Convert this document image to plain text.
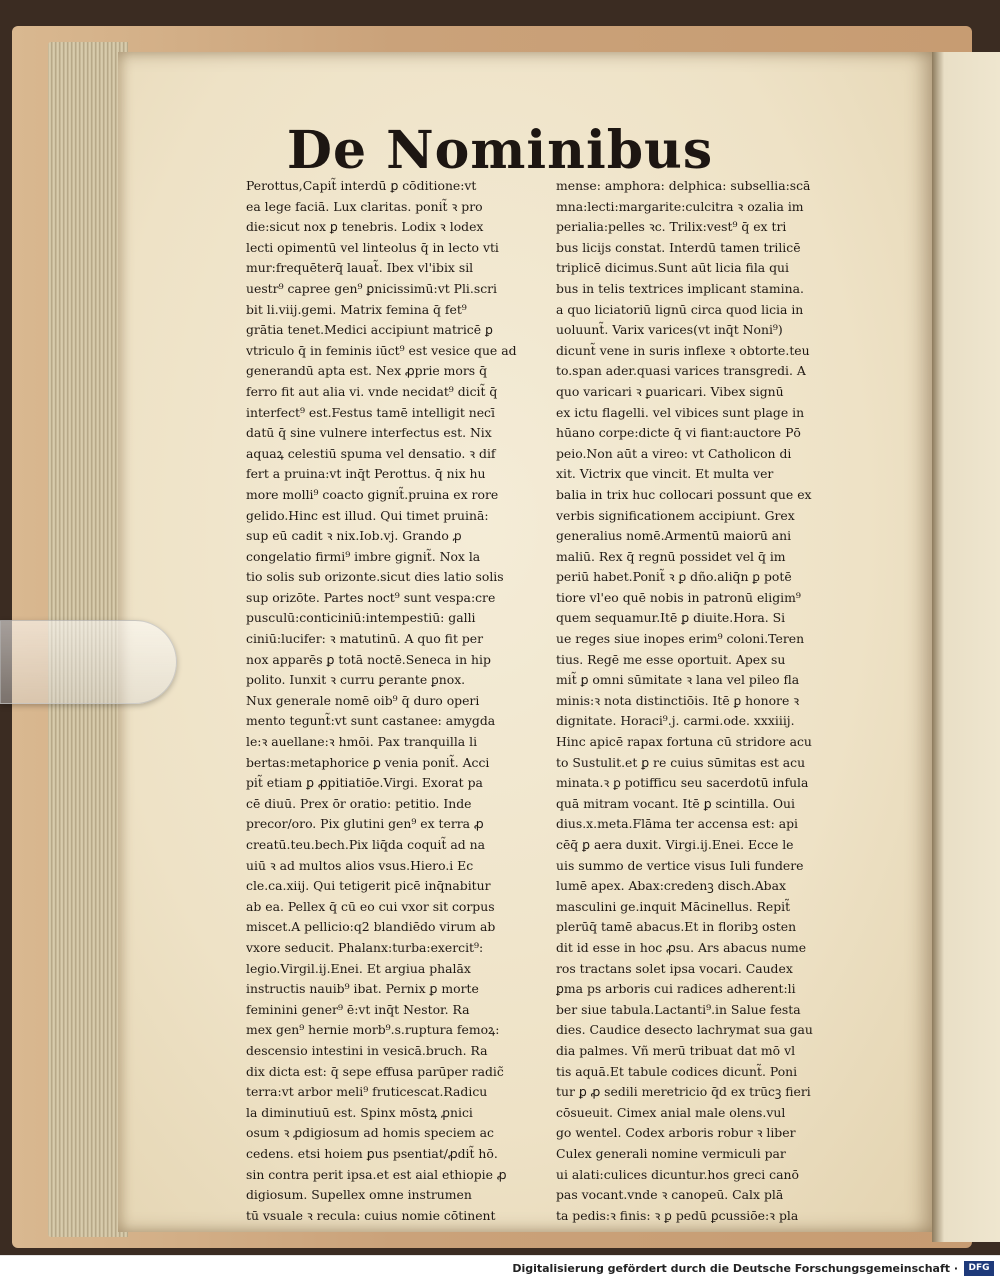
De Nominibus
Perottus,Capit̃ interdū ꝑ cōditione:vt
ea lege faciā. Lux claritas. ponit̃ ꝛ pro
die:sicut nox ꝑ tenebris. Lodix ꝛ lodex
lecti opimentū vel linteolus q̄ in lecto vti
mur:frequēterq̄ lauat̃. Ibex vl'ibix sil
uestr⁹ capree gen⁹ ꝑnicissimū:vt Pli.scri
bit li.viij.gemi. Matrix femina q̄ fet⁹
grātia tenet.Medici accipiunt matricē ꝑ
vtriculo q̄ in feminis iūct⁹ est vesice que ad
generandū apta est. Nex ꝓprie mors q̄
ferro fit aut alia vi. vnde necidat⁹ dicit̃ q̄
interfect⁹ est.Festus tamē intelligit necī
datū q̄ sine vulnere interfectus est. Nix
aquaꝝ celestiū spuma vel densatio. ꝛ dif
fert a pruina:vt inq̄t Perottus. q̄ nix hu
more molli⁹ coacto gignit̃.pruina ex rore
gelido.Hinc est illud. Qui timet pruinā:
sup eū cadit ꝛ nix.Iob.vj. Grando ꝓ
congelatio firmi⁹ imbre gignit̃. Nox la
tio solis sub orizonte.sicut dies latio solis
sup orizōte. Partes noct⁹ sunt vespa:cre
pusculū:conticiniū:intempestiū: galli
ciniū:lucifer: ꝛ matutinū. A quo fit per
nox apparēs ꝑ totā noctē.Seneca in hip
polito. Iunxit ꝛ curru ꝑerante ꝑnox.
Nux generale nomē oib⁹ q̄ duro operi
mento tegunt̃:vt sunt castanee: amygda
le:ꝛ auellane:ꝛ hmōi. Pax tranquilla li
bertas:metaphorice ꝑ venia ponit̃. Acci
pit̃ etiam ꝑ ꝓpitiatiōe.Virgi. Exorat pa
cē diuū. Prex ōr oratio: petitio. Inde
precor/oro. Pix glutini gen⁹ ex terra ꝓ
creatū.teu.bech.Pix liq̄da coquit̃ ad na
uiū ꝛ ad multos alios vsus.Hiero.i Ec
cle.ca.xiij. Qui tetigerit picē inq̄nabitur
ab ea. Pellex q̄ cū eo cui vxor sit corpus
miscet.A pellicio:q2 blandiēdo virum ab
vxore seducit. Phalanx:turba:exercit⁹:
legio.Virgil.ij.Enei. Et argiua phalāx
instructis nauib⁹ ibat. Pernix ꝑ morte
feminini gener⁹ ē:vt inq̄t Nestor. Ra
mex gen⁹ hernie morb⁹.s.ruptura femoꝝ:
descensio intestini in vesicā.bruch. Ra
dix dicta est: q̄ sepe effusa parūper radic̃
terra:vt arbor meli⁹ fruticescat.Radicu
la diminutiuū est. Spinx mōstꝝ ꝓnici
osum ꝛ ꝓdigiosum ad homis speciem ac
cedens. etsi hoiem ꝑus psentiat/ꝓdit̃ hō.
sin contra perit ipsa.et est aial ethiopie ꝓ
digiosum. Supellex omne instrumen
tū vsuale ꝛ recula: cuius nomie cōtinent
mense: amphora: delphica: subsellia:scā
mna:lecti:margarite:culcitra ꝛ ozalia im
perialia:pelles ꝛc. Trilix:vest⁹ q̄ ex tri
bus licijs constat. Interdū tamen trilicē
triplicē dicimus.Sunt aūt licia fila qui
bus in telis textrices implicant stamina.
a quo liciatoriū lignū circa quod licia in
uoluunt̃. Varix varices(vt inq̄t Noni⁹)
dicunt̃ vene in suris inflexe ꝛ obtorte.teu
to.span ader.quasi varices transgredi. A
quo varicari ꝛ ꝑuaricari. Vibex signū
ex ictu flagelli. vel vibices sunt plage in
hūano corpe:dicte q̄ vi fiant:auctore Pō
peio.Non aūt a vireo: vt Catholicon di
xit. Victrix que vincit. Et multa ver
balia in trix huc collocari possunt que ex
verbis significationem accipiunt. Grex
generalius nomē.Armentū maiorū ani
maliū. Rex q̄ regnū possidet vel q̄ im
periū habet.Ponit̃ ꝛ ꝑ dño.aliq̄n ꝑ potē
tiore vl'eo quē nobis in patronū eligim⁹
quem sequamur.Itē ꝑ diuite.Hora. Si
ue reges siue inopes erim⁹ coloni.Teren
tius. Regē me esse oportuit. Apex su
mit̃ ꝑ omni sūmitate ꝛ lana vel pileo fla
minis:ꝛ nota distinctiōis. Itē ꝑ honore ꝛ
dignitate. Horaci⁹.j. carmi.ode. xxxiiij.
Hinc apicē rapax fortuna cū stridore acu
to Sustulit.et ꝑ re cuius sūmitas est acu
minata.ꝛ ꝑ potifficu seu sacerdotū infula
quā mitram vocant. Itē ꝑ scintilla. Oui
dius.x.meta.Flāma ter accensa est: api
cēq̄ ꝑ aera duxit. Virgi.ij.Enei. Ecce le
uis summo de vertice visus Iuli fundere
lumē apex. Abax:credenꝫ disch.Abax
masculini ge.inquit Mācinellus. Repit̃
plerūq̄ tamē abacus.Et in floribꝫ osten
dit id esse in hoc ꝓsu. Ars abacus nume
ros tractans solet ipsa vocari. Caudex
ꝑma ps arboris cui radices adherent:li
ber siue tabula.Lactanti⁹.in Salue festa
dies. Caudice desecto lachrymat sua gau
dia palmes. Vñ merū tribuat dat mō vl
tis aquā.Et tabule codices dicunt̃. Poni
tur ꝑ ꝓ sedili meretricio q̄d ex trūcꝫ fieri
cōsueuit. Cimex anial male olens.vul
go wentel. Codex arboris robur ꝛ liber
Culex generali nomine vermiculi par
ui alati:culices dicuntur.hos greci canō
pas vocant.vnde ꝛ canopeū. Calx plā
ta pedis:ꝛ finis: ꝛ ꝑ pedū ꝑcussiōe:ꝛ pla
Digitalisierung gefördert durch die Deutsche Forschungsgemeinschaft ·	DFG
